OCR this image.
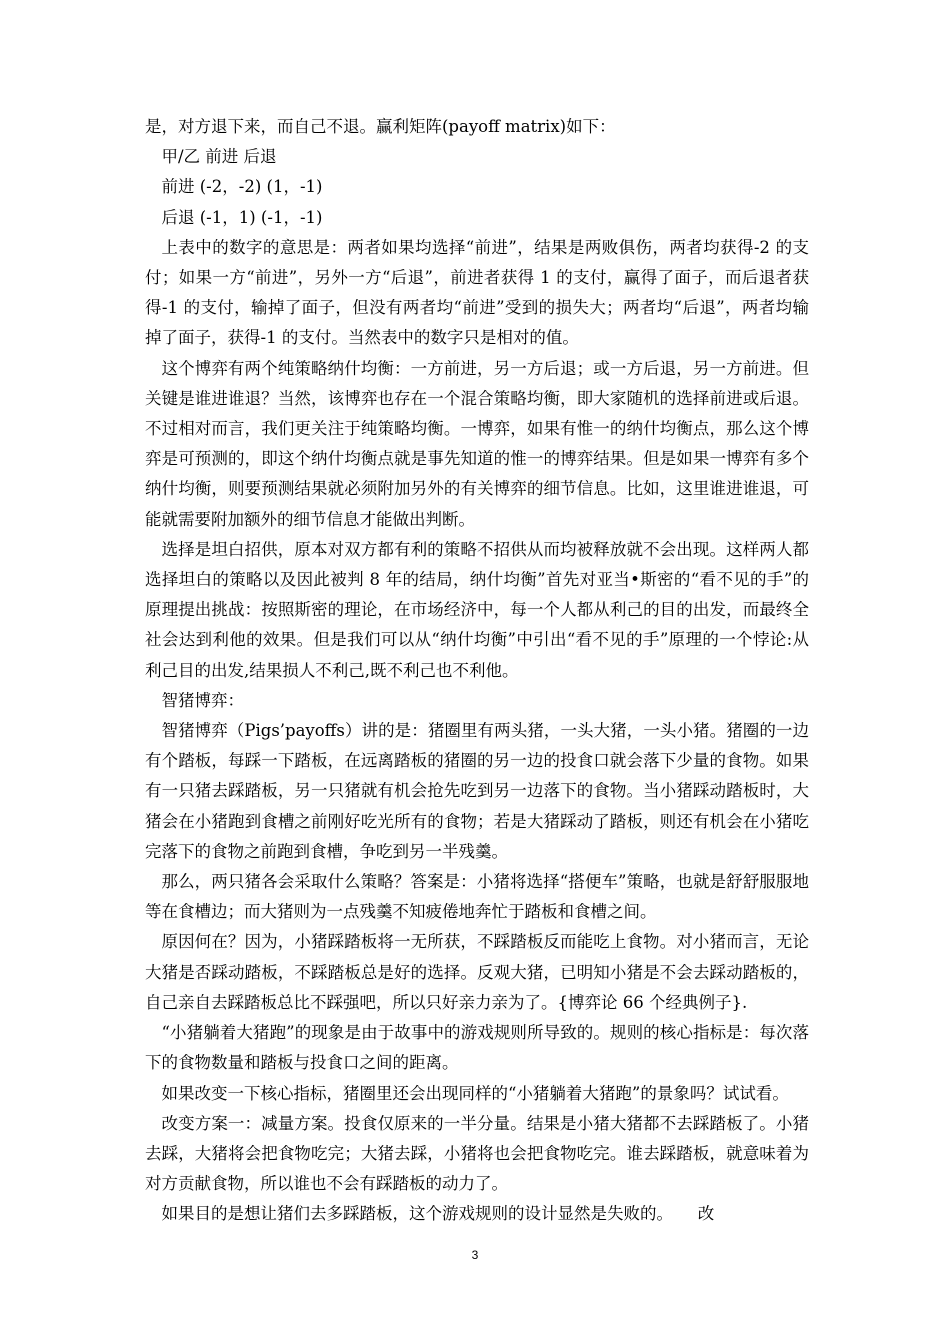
是，对方退下来，而自己不退。赢利矩阵(payoff matrix)如下：

甲/乙 前进 后退

前进 (-2，-2) (1，-1)

后退 (-1，1) (-1，-1)

上表中的数字的意思是：两者如果均选择“前进”，结果是两败俱伤，两者均获得-2 的支付；如果一方“前进”，另外一方“后退”，前进者获得 1 的支付，赢得了面子，而后退者获得-1 的支付，输掉了面子，但没有两者均“前进”受到的损失大；两者均“后退”，两者均输掉了面子，获得-1 的支付。当然表中的数字只是相对的值。

这个博弈有两个纯策略纳什均衡：一方前进，另一方后退；或一方后退，另一方前进。但关键是谁进谁退？当然，该博弈也存在一个混合策略均衡，即大家随机的选择前进或后退。不过相对而言，我们更关注于纯策略均衡。一博弈，如果有惟一的纳什均衡点，那么这个博弈是可预测的，即这个纳什均衡点就是事先知道的惟一的博弈结果。但是如果一博弈有多个纳什均衡，则要预测结果就必须附加另外的有关博弈的细节信息。比如，这里谁进谁退，可能就需要附加额外的细节信息才能做出判断。

选择是坦白招供，原本对双方都有利的策略不招供从而均被释放就不会出现。这样两人都选择坦白的策略以及因此被判 8 年的结局，纳什均衡”首先对亚当•斯密的“看不见的手”的原理提出挑战：按照斯密的理论，在市场经济中，每一个人都从利己的目的出发，而最终全社会达到利他的效果。但是我们可以从“纳什均衡”中引出“看不见的手”原理的一个悖论:从利己目的出发,结果损人不利己,既不利己也不利他。

智猪博弈：

智猪博弈（Pigs’payoffs）讲的是：猪圈里有两头猪，一头大猪，一头小猪。猪圈的一边有个踏板，每踩一下踏板，在远离踏板的猪圈的另一边的投食口就会落下少量的食物。如果有一只猪去踩踏板，另一只猪就有机会抢先吃到另一边落下的食物。当小猪踩动踏板时，大猪会在小猪跑到食槽之前刚好吃光所有的食物；若是大猪踩动了踏板，则还有机会在小猪吃完落下的食物之前跑到食槽，争吃到另一半残羹。

那么，两只猪各会采取什么策略？答案是：小猪将选择“搭便车”策略，也就是舒舒服服地等在食槽边；而大猪则为一点残羹不知疲倦地奔忙于踏板和食槽之间。

原因何在？因为，小猪踩踏板将一无所获，不踩踏板反而能吃上食物。对小猪而言，无论大猪是否踩动踏板，不踩踏板总是好的选择。反观大猪，已明知小猪是不会去踩动踏板的，自己亲自去踩踏板总比不踩强吧，所以只好亲力亲为了。{博弈论 66 个经典例子}.

“小猪躺着大猪跑”的现象是由于故事中的游戏规则所导致的。规则的核心指标是：每次落下的食物数量和踏板与投食口之间的距离。

如果改变一下核心指标，猪圈里还会出现同样的“小猪躺着大猪跑”的景象吗？试试看。

改变方案一：减量方案。投食仅原来的一半分量。结果是小猪大猪都不去踩踏板了。小猪去踩，大猪将会把食物吃完；大猪去踩，小猪将也会把食物吃完。谁去踩踏板，就意味着为对方贡献食物，所以谁也不会有踩踏板的动力了。

如果目的是想让猪们去多踩踏板，这个游戏规则的设计显然是失败的。　　改

3
